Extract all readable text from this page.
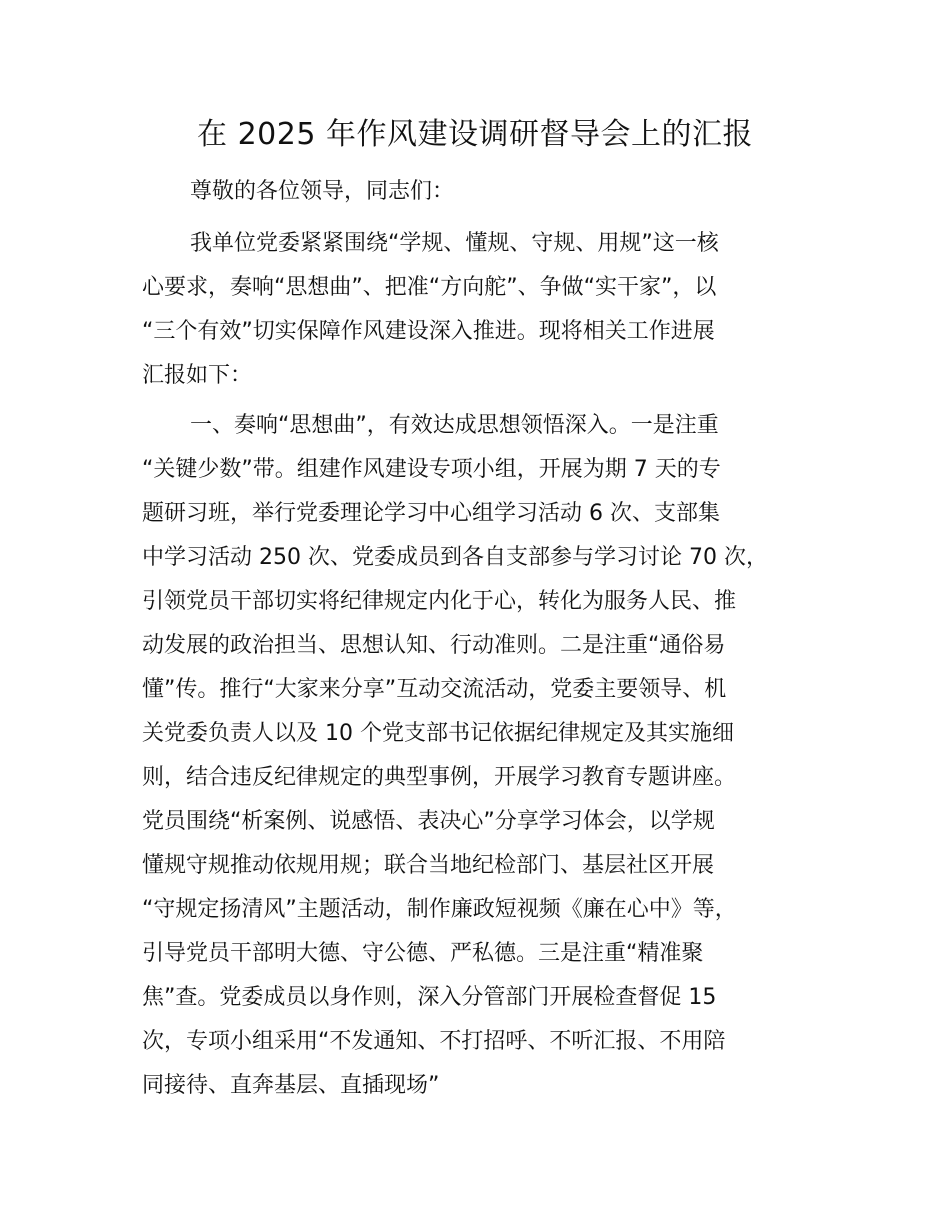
在 2025 年作风建设调研督导会上的汇报
尊敬的各位领导，同志们：
我单位党委紧紧围绕“学规、懂规、守规、用规”这一核
心要求，奏响“思想曲”、把准“方向舵”、争做“实干家”，以
“三个有效”切实保障作风建设深入推进。现将相关工作进展
汇报如下：
一、奏响“思想曲”，有效达成思想领悟深入。一是注重
“关键少数”带。组建作风建设专项小组，开展为期 7 天的专
题研习班，举行党委理论学习中心组学习活动 6 次、支部集
中学习活动 250 次、党委成员到各自支部参与学习讨论 70 次，
引领党员干部切实将纪律规定内化于心，转化为服务人民、推
动发展的政治担当、思想认知、行动准则。二是注重“通俗易
懂”传。推行“大家来分享”互动交流活动，党委主要领导、机
关党委负责人以及 10 个党支部书记依据纪律规定及其实施细
则，结合违反纪律规定的典型事例，开展学习教育专题讲座。
党员围绕“析案例、说感悟、表决心”分享学习体会，以学规
懂规守规推动依规用规；联合当地纪检部门、基层社区开展
“守规定扬清风”主题活动，制作廉政短视频《廉在心中》等，
引导党员干部明大德、守公德、严私德。三是注重“精准聚
焦”查。党委成员以身作则，深入分管部门开展检查督促 15
次，专项小组采用“不发通知、不打招呼、不听汇报、不用陪
同接待、直奔基层、直插现场”
